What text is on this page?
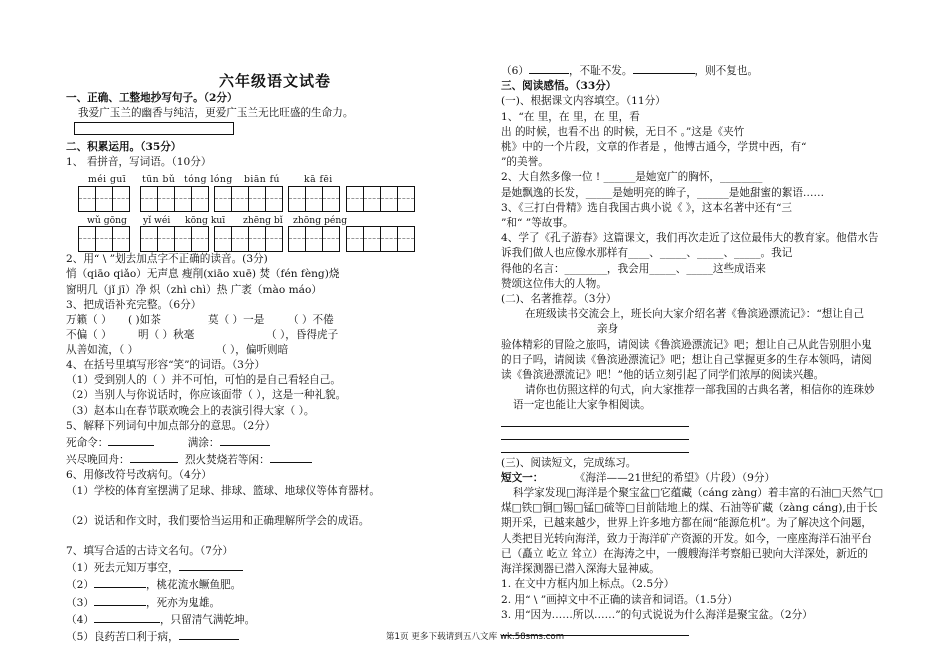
六年级语文试卷
一、正确、工整地抄写句子。（2分）
我爱广玉兰的幽香与纯洁，更爱广玉兰无比旺盛的生命力。
二、积累运用。（35分）
1、 看拼音，写词语。（10分）
méi guī tūn bǔ tóng lóng biān fú	kā fēi
wǔ gōng yǐ wéi kōng kuī zhēng bǐ zhōng péng
2、用“ \ ”划去加点字不正确的读音。(3分)
悄（qiāo qiǎo）无声息 瘦削(xiāo xuē) 焚（fén fèng)烧
窗明几（jǐ jī）净 炽（zhì chì）热 广袤（mào máo）
3、把成语补充完整。（6分）
万籁（ ） ( )如茶	莫（ ）一是 （ ）不倦
不偏（ ） 明（ ）秋毫	（ ），昏得虎子
从善如流，（ ）	（ ），偏听则暗
4、在括号里填写形容“笑”的词语。（3分）
（1）受到别人的（ ）并不可怕，可怕的是自己看轻自己。
（2）当别人与你说话时，你应该面带（ ），这是一种礼貌。
（3）赵本山在春节联欢晚会上的表演引得大家（ ）。
5、解释下列词句中加点部分的意思。（2分）
死命令：	满涂：
兴尽晚回舟：	烈火焚烧若等闲：
6、用修改符号改病句。（4分）
（1）学校的体育室摆满了足球、排球、篮球、地球仪等体育器材。
（2）说话和作文时，我们要恰当运用和正确理解所学会的成语。
7、填写合适的古诗文名句。（7分）
（1）死去元知万事空，
（2）	，桃花流水鳜鱼肥。
（3）	，死亦为鬼雄。
（4）	，只留清气满乾坤。
（5）良药苦口利于病，
（6）	，不耻不发。	，则不复也。
三、阅读感悟。（33分）
(一)、根据课文内容填空。（11分）
1、“在 里，在 里，在 里，看
出 的时候，也看不出 的时候，无日不 。”这是《夹竹
桃》中的一个片段，文章的作者是 ，他博古通今，学贯中西，有“
”的美誉。
2、大自然多像一位 ! ______是她宽广的胸怀，________
是她飘逸的长发，_____是她明亮的眸子，______是她甜蜜的絮语……
3、《三打白骨精》选自我国古典小说《 》，这本名著中还有“三
”和“ ”等故事。
4、学了《孔子游春》这篇课文，我们再次走近了这位最伟大的教育家。他借水告
诉我们做人也应像水那样有____、_____、_____、_____。我记
得他的名言：________，我会用_____、_____这些成语来
赞颂这位伟大的人物。
(二)、名著推荐。（3分）
在班级读书交流会上，班长向大家介绍名著《鲁滨逊漂流记》：“想让自己
亲身
验体精彩的冒险之旅吗，请阅读《鲁滨逊漂流记》吧；想让自己从此告别胆小鬼
的日子吗，请阅读《鲁滨逊漂流记》吧；想让自己掌握更多的生存本领吗，请阅
读《鲁滨逊漂流记》吧！”他的话立刻引起了同学们浓厚的阅读兴趣。
请你也仿照这样的句式，向大家推荐一部我国的古典名著，相信你的连珠妙
语一定也能让大家争相阅读。
(三)、阅读短文，完成练习。
短文一：	《海洋——21世纪的希望》（片段）（9分）
科学家发现□海洋是个聚宝盆□它蕴藏（cáng zàng）着丰富的石油□天然气□
煤□铁□铜□锡□锰□硫等□目前陆地上的煤、石油等矿藏（zàng cáng),由于长
期开采，已越来越少，世界上许多地方都在闹“能源危机”。为了解决这个问题，
人类把目光转向海洋，致力于海洋矿产资源的开发。如今，一座座海洋石油平台
已（矗立 屹立 耸立）在海涛之中，一艘艘海洋考察船已驶向大洋深处，新近的
海洋探测器已潜入深海大显神威。
1. 在文中方框内加上标点。（2.5分）
2. 用“ \ ”画掉文中不正确的读音和词语。（1.5分）
3. 用“因为……所以……”的句式说说为什么海洋是聚宝盆。（2分）
第1页 更多下载请到五八文库 wk.58sms.com
